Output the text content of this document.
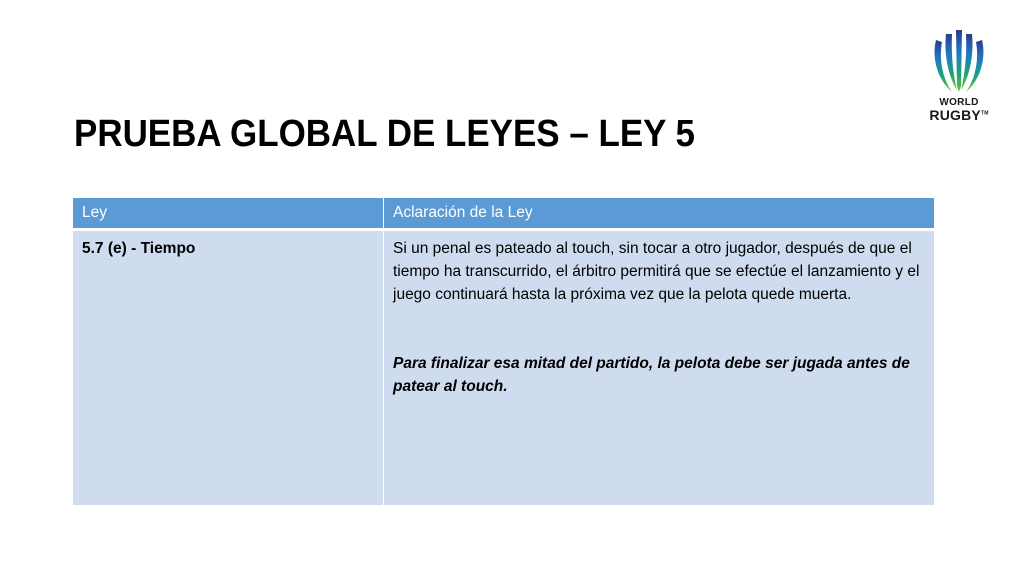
PRUEBA GLOBAL DE LEYES – LEY 5
WORLD
RUGBY™
Ley	Aclaración de la Ley
5.7 (e) - Tiempo	Si un penal es pateado al touch, sin tocar a otro jugador, después de que el tiempo ha transcurrido, el árbitro permitirá que se efectúe el lanzamiento y el juego continuará hasta la próxima vez que la pelota quede muerta.

Para finalizar esa mitad del partido, la pelota debe ser jugada antes de patear al touch.
